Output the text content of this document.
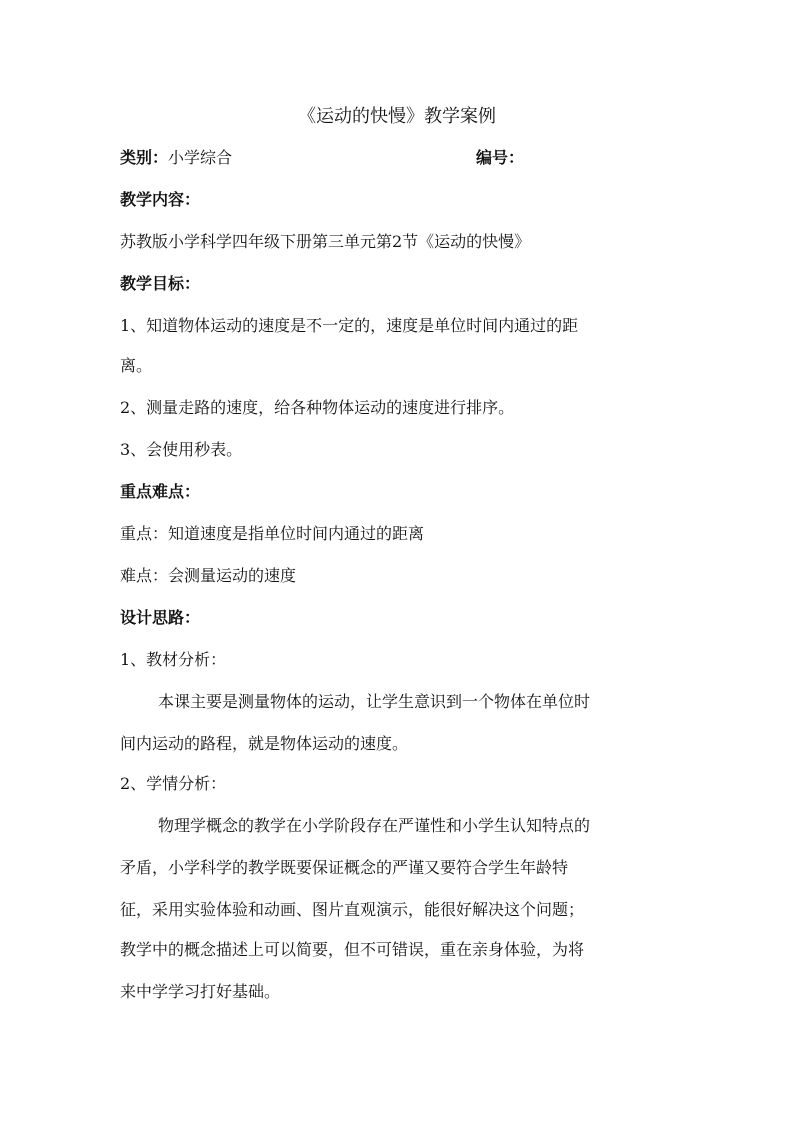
《运动的快慢》教学案例
类别：小学综合	编号：
教学内容：
苏教版小学科学四年级下册第三单元第2节《运动的快慢》
教学目标：
1、知道物体运动的速度是不一定的，速度是单位时间内通过的距
离。
2、测量走路的速度，给各种物体运动的速度进行排序。
3、会使用秒表。
重点难点：
重点：知道速度是指单位时间内通过的距离
难点：会测量运动的速度
设计思路：
1、教材分析：
本课主要是测量物体的运动，让学生意识到一个物体在单位时
间内运动的路程，就是物体运动的速度。
2、学情分析：
物理学概念的教学在小学阶段存在严谨性和小学生认知特点的
矛盾，小学科学的教学既要保证概念的严谨又要符合学生年龄特
征，采用实验体验和动画、图片直观演示，能很好解决这个问题；
教学中的概念描述上可以简要，但不可错误，重在亲身体验，为将
来中学学习打好基础。
